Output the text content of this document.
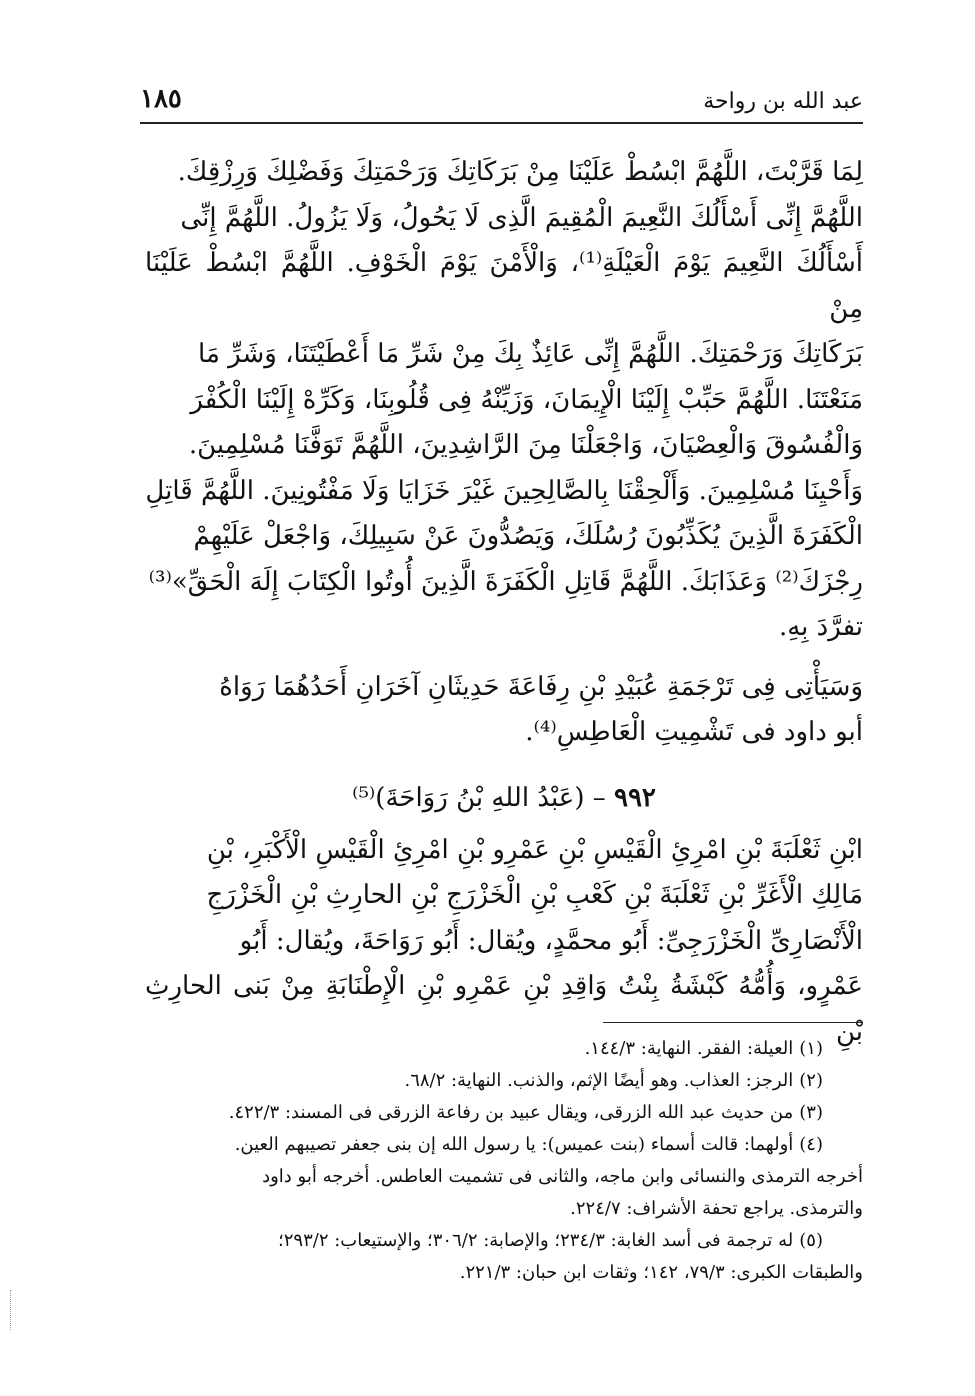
عبد الله بن رواحة
١٨٥

لِمَا قَرَّبْتَ، اللَّهُمَّ ابْسُطْ عَلَيْنَا مِنْ بَرَكَاتِكَ وَرَحْمَتِكَ وَفَضْلِكَ وَرِزْقِكَ.

اللَّهُمَّ إِنِّى أَسْأَلُكَ النَّعِيمَ الْمُقِيمَ الَّذِى لَا يَحُولُ، وَلَا يَزُولُ. اللَّهُمَّ إِنِّى

أَسْأَلُكَ النَّعِيمَ يَوْمَ الْعَيْلَةِ⁽¹⁾، وَالْأَمْنَ يَوْمَ الْخَوْفِ. اللَّهُمَّ ابْسُطْ عَلَيْنَا مِنْ

بَرَكَاتِكَ وَرَحْمَتِكَ. اللَّهُمَّ إِنِّى عَائِذٌ بِكَ مِنْ شَرِّ مَا أَعْطَيْتَنَا، وَشَرِّ مَا

مَنَعْتَنَا. اللَّهُمَّ حَبِّبْ إِلَيْنَا الْإِيمَانَ، وَزَيِّنْهُ فِى قُلُوبِنَا، وَكَرِّهْ إِلَيْنَا الْكُفْرَ

وَالْفُسُوقَ وَالْعِصْيَانَ، وَاجْعَلْنَا مِنَ الرَّاشِدِينَ، اللَّهُمَّ تَوَفَّنَا مُسْلِمِينَ.

وَأَحْيِنَا مُسْلِمِينَ. وَأَلْحِقْنَا بِالصَّالِحِينَ غَيْرَ خَزَايَا وَلَا مَفْتُونِينَ. اللَّهُمَّ قَاتِلِ

الْكَفَرَةَ الَّذِينَ يُكَذِّبُونَ رُسُلَكَ، وَيَصُدُّونَ عَنْ سَبِيلِكَ، وَاجْعَلْ عَلَيْهِمْ

رِجْزَكَ⁽²⁾ وَعَذَابَكَ. اللَّهُمَّ قَاتِلِ الْكَفَرَةَ الَّذِينَ أُوتُوا الْكِتَابَ إِلَهَ الْحَقِّ»⁽³⁾

تفرَّدَ بِهِ.

وَسَيَأْتِى فِى تَرْجَمَةِ عُبَيْدِ بْنِ رِفَاعَةَ حَدِيثَانِ آخَرَانِ أَحَدُهُمَا رَوَاهُ

أبو داود فى تَشْمِيتِ الْعَاطِسِ⁽⁴⁾.

٩٩٢ – (عَبْدُ اللهِ بْنُ رَوَاحَةَ)⁽⁵⁾

ابْنِ ثَعْلَبَةَ بْنِ امْرِئِ الْقَيْسِ بْنِ عَمْرِو بْنِ امْرِئِ الْقَيْسِ الْأَكْبَرِ، بْنِ

مَالِكِ الْأَغَرِّ بْنِ ثَعْلَبَةَ بْنِ كَعْبِ بْنِ الْخَزْرَجِ بْنِ الحارِثِ بْنِ الْخَزْرَجِ

الْأَنْصَارِىِّ الْخَزْرَجِىِّ: أَبُو محمَّدٍ، ويُقال: أَبُو رَوَاحَةَ، ويُقال: أَبُو

عَمْرٍو، وَأُمُّهُ كَبْشَةُ بِنْتُ وَاقِدِ بْنِ عَمْرِو بْنِ الْإِطْنَابَةِ مِنْ بَنى الحارِثِ بْنِ

(١)العيلة: الفقر. النهاية: ١٤٤/٣.

(٢)الرجز: العذاب. وهو أيضًا الإثم، والذنب. النهاية: ٦٨/٢.

(٣)من حديث عبد الله الزرقى، ويقال عبيد بن رفاعة الزرقى فى المسند: ٤٢٢/٣.

(٤)أولهما: قالت أسماء (بنت عميس): يا رسول الله إن بنى جعفر تصيبهم العين.

أخرجه الترمذى والنسائى وابن ماجه، والثانى فى تشميت العاطس. أخرجه أبو داود

والترمذى. يراجع تحفة الأشراف: ٢٢٤/٧.

(٥)له ترجمة فى أسد الغابة: ٢٣٤/٣؛ والإصابة: ٣٠٦/٢؛ والإستيعاب: ٢٩٣/٢؛

والطبقات الكبرى: ٧٩/٣، ١٤٢؛ وثقات ابن حبان: ٢٢١/٣.
